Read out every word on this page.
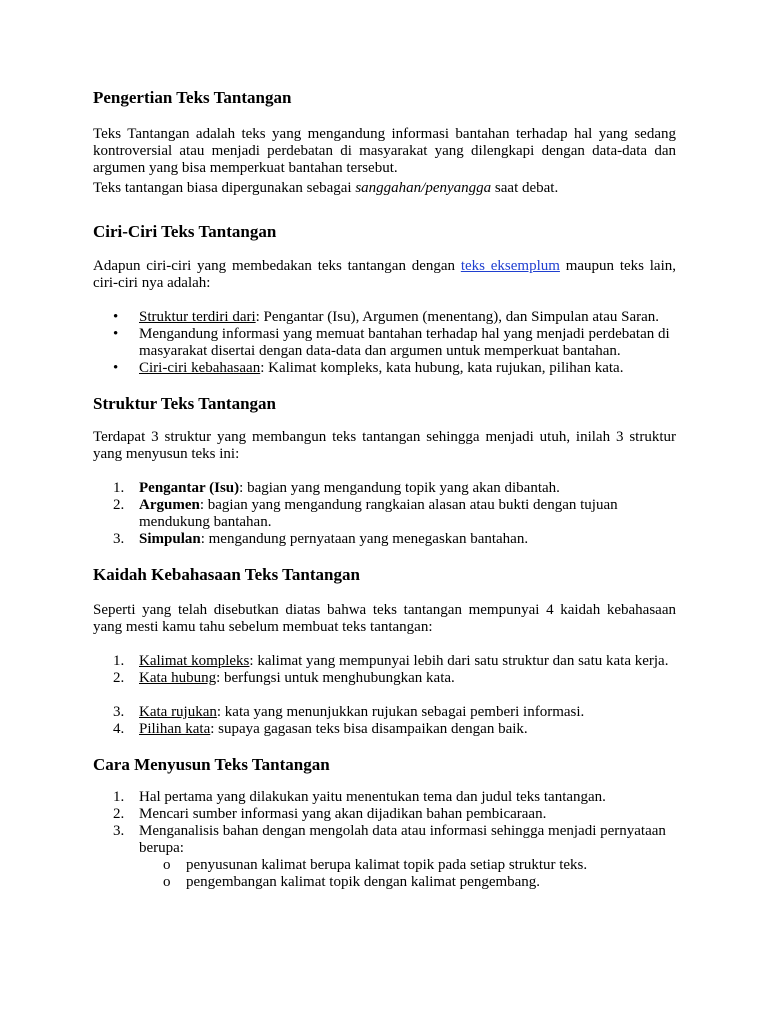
Pengertian Teks Tantangan

Teks Tantangan adalah teks yang mengandung informasi bantahan terhadap hal yang sedang kontroversial atau menjadi perdebatan di masyarakat yang dilengkapi dengan data-data dan argumen yang bisa memperkuat bantahan tersebut.

Teks tantangan biasa dipergunakan sebagai sanggahan/penyangga saat debat.

Ciri-Ciri Teks Tantangan

Adapun ciri-ciri yang membedakan teks tantangan dengan teks eksemplum maupun teks lain, ciri-ciri nya adalah:

• Struktur terdiri dari: Pengantar (Isu), Argumen (menentang), dan Simpulan atau Saran.
• Mengandung informasi yang memuat bantahan terhadap hal yang menjadi perdebatan di masyarakat disertai dengan data-data dan argumen untuk memperkuat bantahan.
• Ciri-ciri kebahasaan: Kalimat kompleks, kata hubung, kata rujukan, pilihan kata.
Struktur Teks Tantangan

Terdapat 3 struktur yang membangun teks tantangan sehingga menjadi utuh, inilah 3 struktur yang menyusun teks ini:

1. Pengantar (Isu): bagian yang mengandung topik yang akan dibantah.
2. Argumen: bagian yang mengandung rangkaian alasan atau bukti dengan tujuan mendukung bantahan.
3. Simpulan: mengandung pernyataan yang menegaskan bantahan.
Kaidah Kebahasaan Teks Tantangan

Seperti yang telah disebutkan diatas bahwa teks tantangan mempunyai 4 kaidah kebahasaan yang mesti kamu tahu sebelum membuat teks tantangan:

1. Kalimat kompleks: kalimat yang mempunyai lebih dari satu struktur dan satu kata kerja.
2. Kata hubung: berfungsi untuk menghubungkan kata.
3. Kata rujukan: kata yang menunjukkan rujukan sebagai pemberi informasi.
4. Pilihan kata: supaya gagasan teks bisa disampaikan dengan baik.
Cara Menyusun Teks Tantangan
1. Hal pertama yang dilakukan yaitu menentukan tema dan judul teks tantangan.
2. Mencari sumber informasi yang akan dijadikan bahan pembicaraan.
3. Menganalisis bahan dengan mengolah data atau informasi sehingga menjadi pernyataan berupa:
o penyusunan kalimat berupa kalimat topik pada setiap struktur teks.
o pengembangan kalimat topik dengan kalimat pengembang.
